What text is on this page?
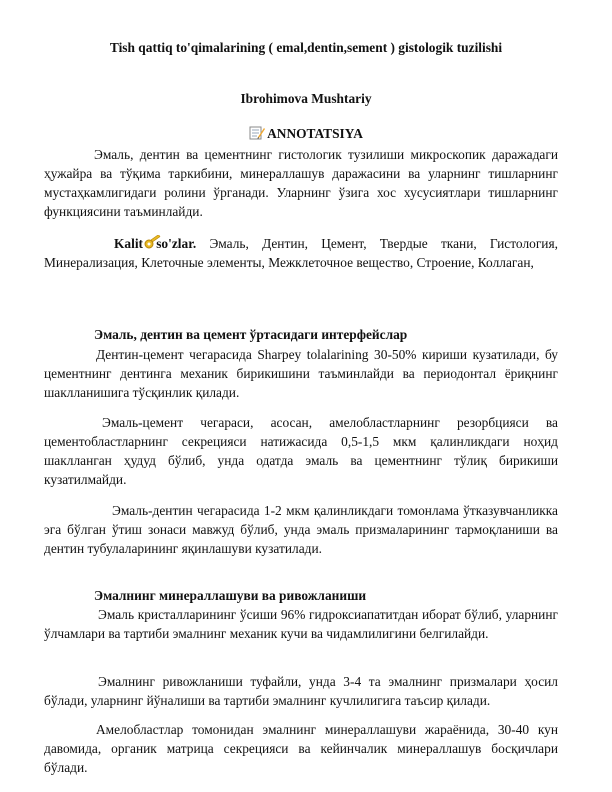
Tish qattiq to'qimalarining ( emal,dentin,sement ) gistologik tuzilishi
Ibrohimova Mushtariy
ANNOTATSIYA
Эмаль, дентин ва цементнинг гистологик тузилиши микроскопик даражадаги ҳужайра ва тўқима таркибини, минераллашув даражасини ва уларнинг тишларнинг мустаҳкамлигидаги ролини ўрганади. Уларнинг ўзига хос хусусиятлари тишларнинг функциясини таъминлайди.
Kalit so'zlar. Эмаль, Дентин, Цемент, Твердые ткани, Гистология, Минерализация, Клеточные элементы, Межклеточное вещество, Строение, Коллаган,
Эмаль, дентин ва цемент ўртасидаги интерфейслар
Дентин-цемент чегарасида Sharpey tolalarining 30-50% кириши кузатилади, бу цементнинг дентинга механик бирикишини таъминлайди ва периодонтал ёриқнинг шаклланишига тўсқинлик қилади.
Эмаль-цемент чегараси, асосан, амелобластларнинг резорбцияси ва цементобластларнинг секрецияси натижасида 0,5-1,5 мкм қалинликдаги ноҳид шаклланган ҳудуд бўлиб, унда одатда эмаль ва цементнинг тўлиқ бирикиши кузатилмайди.
Эмаль-дентин чегарасида 1-2 мкм қалинликдаги томонлама ўтказувчанликка эга бўлган ўтиш зонаси мавжуд бўлиб, унда эмаль призмаларининг тармоқланиши ва дентин тубулаларининг яқинлашуви кузатилади.
Эмалнинг минераллашуви ва ривожланиши
Эмаль кристалларининг ўсиши 96% гидроксиапатитдан иборат бўлиб, уларнинг ўлчамлари ва тартиби эмалнинг механик кучи ва чидамлилигини белгилайди.
Эмалнинг ривожланиши туфайли, унда 3-4 та эмалнинг призмалари ҳосил бўлади, уларнинг йўналиши ва тартиби эмалнинг кучлилигига таъсир қилади.
Амелобластлар томонидан эмалнинг минераллашуви жараёнида, 30-40 кун давомида, органик матрица секрецияси ва кейинчалик минераллашув босқичлари бўлади.
